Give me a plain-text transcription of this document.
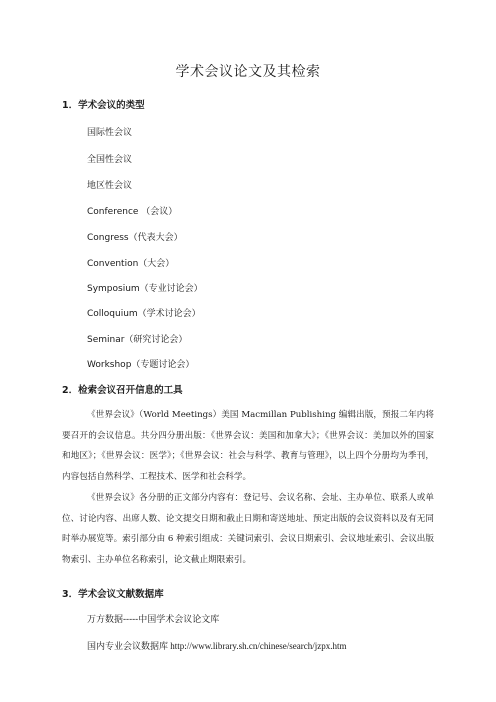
学术会议论文及其检索
1．学术会议的类型
国际性会议
全国性会议
地区性会议
Conference （会议）
Congress（代表大会）
Convention（大会）
Symposium（专业讨论会）
Colloquium（学术讨论会）
Seminar（研究讨论会）
Workshop（专题讨论会）
2．检索会议召开信息的工具
《世界会议》（World Meetings）美国 Macmillan Publishing 编辑出版，预报二年内将要召开的会议信息。共分四分册出版：《世界会议：美国和加拿大》；《世界会议：美加以外的国家和地区》；《世界会议：医学》；《世界会议：社会与科学、教育与管理》，以上四个分册均为季刊，内容包括自然科学、工程技术、医学和社会科学。
《世界会议》各分册的正文部分内容有：登记号、会议名称、会址、主办单位、联系人或单位、讨论内容、出席人数、论文提交日期和截止日期和寄送地址、预定出版的会议资料以及有无同时举办展览等。索引部分由 6 种索引组成：关键词索引、会议日期索引、会议地址索引、会议出版物索引、主办单位名称索引，论文截止期限索引。
3．学术会议文献数据库
万方数据-----中国学术会议论文库
国内专业会议数据库 http://www.library.sh.cn/chinese/search/jzpx.htm
